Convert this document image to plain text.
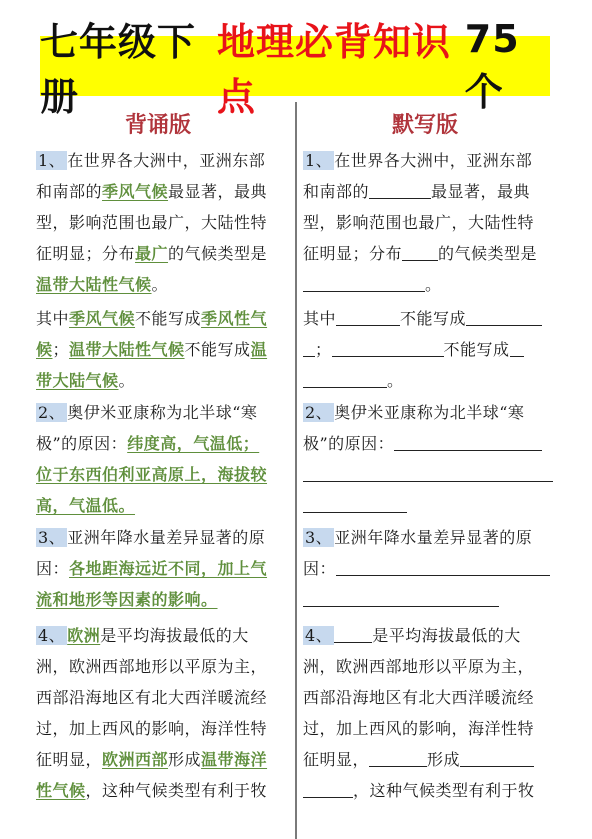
七年级下册
地理必背知识点
75个
背诵版	默写版
1、 在世界各大洲中，亚洲东部
和南部的季风气候最显著，最典
型，影响范围也最广，大陆性特
征明显；分布最广的气候类型是
温带大陆性气候。
其中季风气候不能写成季风性气
候；温带大陆性气候不能写成温
带大陆气候。
2、 奥伊米亚康称为北半球“寒
极”的原因：纬度高，气温低；
位于东西伯利亚高原上，海拔较
高，气温低。
3、 亚洲年降水量差异显著的原
因：各地距海远近不同，加上气
流和地形等因素的影响。
4、 欧洲是平均海拔最低的大
洲，欧洲西部地形以平原为主，
西部沿海地区有北大西洋暖流经
过，加上西风的影响，海洋性特
征明显，欧洲西部形成温带海洋
性气候，这种气候类型有利于牧
1、 在世界各大洲中，亚洲东部
和南部的	最显著，最典
型，影响范围也最广，大陆性特
征明显；分布 的气候类型是
。
其中	不能写成
；	不能写成
。
2、 奥伊米亚康称为北半球“寒
极”的原因：
3、 亚洲年降水量差异显著的原
因：
4、	是平均海拔最低的大
洲，欧洲西部地形以平原为主，
西部沿海地区有北大西洋暖流经
过，加上西风的影响，海洋性特
征明显，	形成
，这种气候类型有利于牧
